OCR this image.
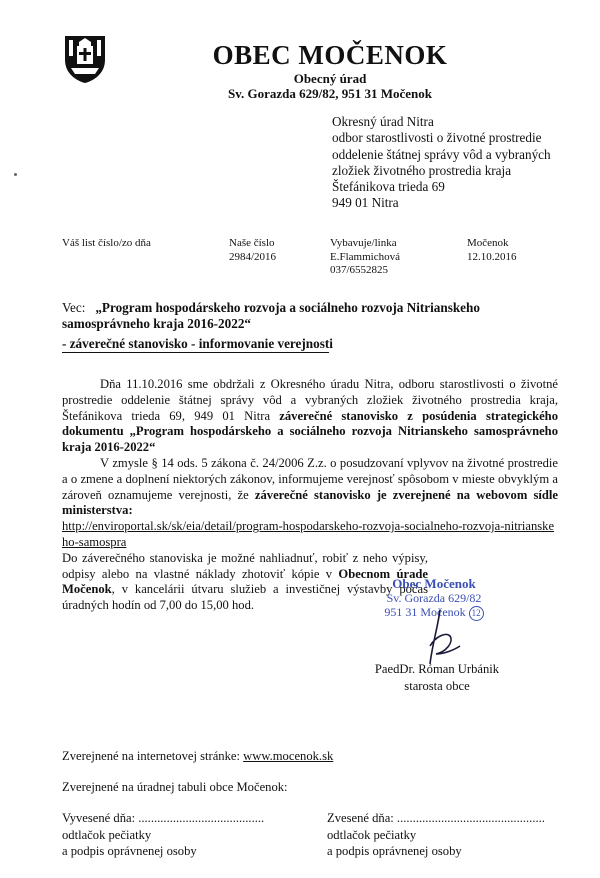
OBEC MOČENOK
Obecný úrad
Sv. Gorazda 629/82, 951 31 Močenok
Okresný úrad Nitra
odbor starostlivosti o životné prostredie
oddelenie štátnej správy vôd a vybraných
zložiek životného prostredia kraja
Štefánikova trieda 69
949 01 Nitra
Váš list číslo/zo dňa	Naše číslo
2984/2016
Vybavuje/linka
E.Flammichová
037/6552825
Močenok
12.10.2016
Vec: „Program hospodárskeho rozvoja a sociálneho rozvoja Nitrianskeho samosprávneho kraja 2016-2022“
- záverečné stanovisko - informovanie verejnosti

Dňa 11.10.2016 sme obdržali z Okresného úradu Nitra, odboru starostlivosti o životné prostredie oddelenie štátnej správy vôd a vybraných zložiek životného prostredia kraja, Štefánikova trieda 69, 949 01 Nitra záverečné stanovisko z posúdenia strategického dokumentu „Program hospodárskeho a sociálneho rozvoja Nitrianskeho samosprávneho kraja 2016-2022“

V zmysle § 14 ods. 5 zákona č. 24/2006 Z.z. o posudzovaní vplyvov na životné prostredie a o zmene a doplnení niektorých zákonov, informujeme verejnosť spôsobom v mieste obvyklým a zároveň oznamujeme verejnosti, že záverečné stanovisko je zverejnené na webovom sídle ministerstva:

http://enviroportal.sk/sk/eia/detail/program-hospodarskeho-rozvoja-socialneho-rozvoja-nitrianskeho-samospra

Do záverečného stanoviska je možné nahliadnuť, robiť z neho výpisy, odpisy alebo na vlastné náklady zhotoviť kópie v Obecnom úrade Močenok, v kancelárii útvaru služieb a investičnej výstavby počas úradných hodín od 7,00 do 15,00 hod.

Obec Močenok
Sv. Gorazda 629/82
951 31 Močenok 12
PaedDr. Róman Urbánik
starosta obce
Zverejnené na internetovej stránke: www.mocenok.sk
Zverejnené na úradnej tabuli obce Močenok:
Vyvesené dňa: ........................................
odtlačok pečiatky
a podpis oprávnenej osoby
Zvesené dňa: ...............................................
odtlačok pečiatky
a podpis oprávnenej osoby
